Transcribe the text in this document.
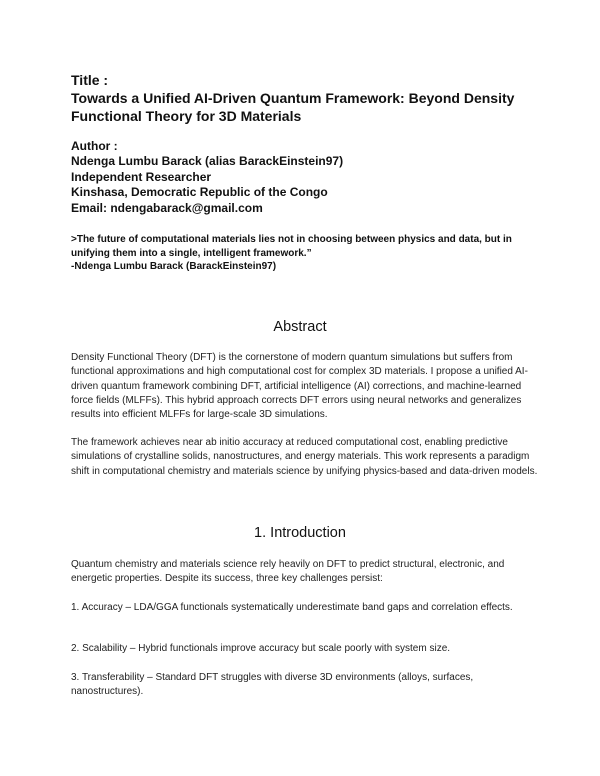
Title :
Towards a Unified AI-Driven Quantum Framework: Beyond Density Functional Theory for 3D Materials
Author :
Ndenga Lumbu Barack (alias BarackEinstein97)
Independent Researcher
Kinshasa, Democratic Republic of the Congo
Email: ndengabarack@gmail.com
>The future of computational materials lies not in choosing between physics and data, but in unifying them into a single, intelligent framework.”
-Ndenga Lumbu Barack (BarackEinstein97)
Abstract
Density Functional Theory (DFT) is the cornerstone of modern quantum simulations but suffers from functional approximations and high computational cost for complex 3D materials. I propose a unified AI-driven quantum framework combining DFT, artificial intelligence (AI) corrections, and machine-learned force fields (MLFFs). This hybrid approach corrects DFT errors using neural networks and generalizes results into efficient MLFFs for large-scale 3D simulations.
The framework achieves near ab initio accuracy at reduced computational cost, enabling predictive simulations of crystalline solids, nanostructures, and energy materials. This work represents a paradigm shift in computational chemistry and materials science by unifying physics-based and data-driven models.
1. Introduction
Quantum chemistry and materials science rely heavily on DFT to predict structural, electronic, and energetic properties. Despite its success, three key challenges persist:
1. Accuracy – LDA/GGA functionals systematically underestimate band gaps and correlation effects.
2. Scalability – Hybrid functionals improve accuracy but scale poorly with system size.
3. Transferability – Standard DFT struggles with diverse 3D environments (alloys, surfaces, nanostructures).
